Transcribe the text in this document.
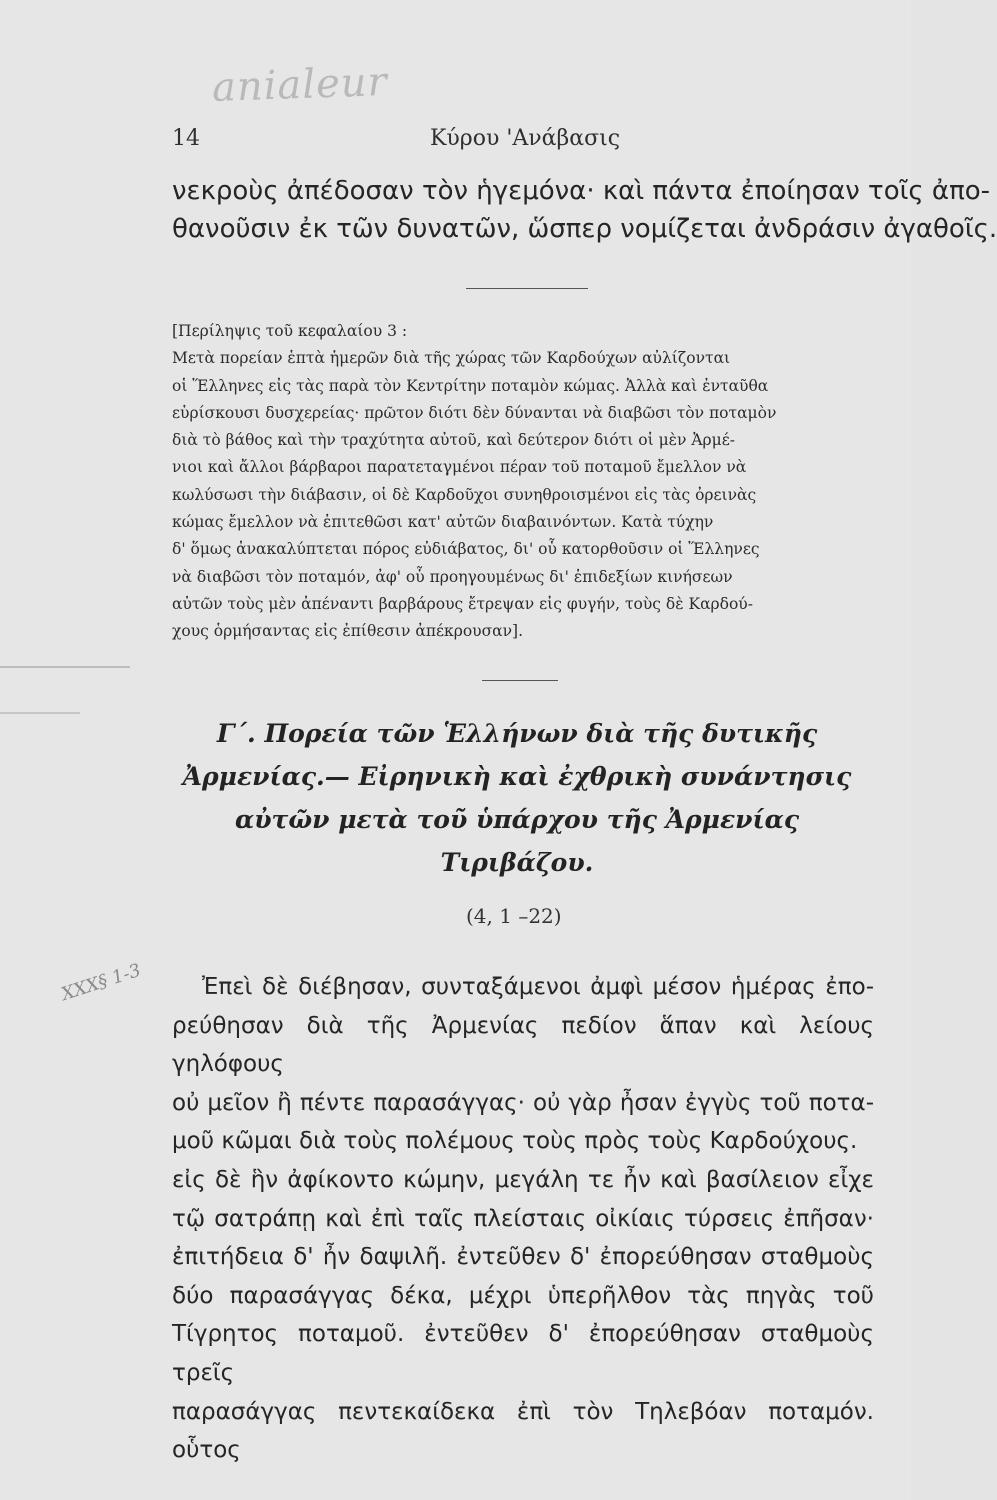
anialeur
14	Κύρου 'Ανάβασις
νεκροὺς ἀπέδοσαν τὸν ἡγεμόνα· καὶ πάντα ἐποίησαν τοῖς ἀπο-
θανοῦσιν ἐκ τῶν δυνατῶν, ὥσπερ νομίζεται ἀνδράσιν ἀγαθοῖς.
[Περίληψις τοῦ κεφαλαίου 3 :
Μετὰ πορείαν ἑπτὰ ἡμερῶν διὰ τῆς χώρας τῶν Καρδούχων αὐλίζονται
οἱ Ἕλληνες εἰς τὰς παρὰ τὸν Κεντρίτην ποταμὸν κώμας. Ἀλλὰ καὶ ἐνταῦθα
εὑρίσκουσι δυσχερείας· πρῶτον διότι δὲν δύνανται νὰ διαβῶσι τὸν ποταμὸν
διὰ τὸ βάθος καὶ τὴν τραχύτητα αὐτοῦ, καὶ δεύτερον διότι οἱ μὲν Ἀρμέ-
νιοι καὶ ἄλλοι βάρβαροι παρατεταγμένοι πέραν τοῦ ποταμοῦ ἔμελλον νὰ
κωλύσωσι τὴν διάβασιν, οἱ δὲ Καρδοῦχοι συνηθροισμένοι εἰς τὰς ὀρεινὰς
κώμας ἔμελλον νὰ ἐπιτεθῶσι κατ' αὐτῶν διαβαινόντων. Κατὰ τύχην
δ' ὅμως ἀνακαλύπτεται πόρος εὐδιάβατος, δι' οὗ κατορθοῦσιν οἱ Ἕλληνες
νὰ διαβῶσι τὸν ποταμόν, ἀφ' οὗ προηγουμένως δι' ἐπιδεξίων κινήσεων
αὐτῶν τοὺς μὲν ἀπέναντι βαρβάρους ἔτρεψαν εἰς φυγήν, τοὺς δὲ Καρδού-
χους ὁρμήσαντας εἰς ἐπίθεσιν ἀπέκρουσαν].
Γ΄. Πορεία τῶν Ἑλλήνων διὰ τῆς δυτικῆς
Ἀρμενίας.— Εἰρηνικὴ καὶ ἐχθρικὴ συνάντησις
αὐτῶν μετὰ τοῦ ὑπάρχου τῆς Ἀρμενίας
Τιριβάζου.
(4, 1 –22)
ΧΧΧ§ 1-3	Ἐπεὶ δὲ διέβησαν, συνταξάμενοι ἀμφὶ μέσον ἡμέρας ἐπο-
ρεύθησαν διὰ τῆς Ἀρμενίας πεδίον ἅπαν καὶ λείους γηλόφους
οὐ μεῖον ἢ πέντε παρασάγγας· οὐ γὰρ ἦσαν ἐγγὺς τοῦ ποτα-
μοῦ κῶμαι διὰ τοὺς πολέμους τοὺς πρὸς τοὺς Καρδούχους.
εἰς δὲ ἣν ἀφίκοντο κώμην, μεγάλη τε ἦν καὶ βασίλειον εἶχε
τῷ σατράπῃ καὶ ἐπὶ ταῖς πλείσταις οἰκίαις τύρσεις ἐπῆσαν·
ἐπιτήδεια δ' ἦν δαψιλῆ. ἐντεῦθεν δ' ἐπορεύθησαν σταθμοὺς
δύο παρασάγγας δέκα, μέχρι ὑπερῆλθον τὰς πηγὰς τοῦ
Τίγρητος ποταμοῦ. ἐντεῦθεν δ' ἐπορεύθησαν σταθμοὺς τρεῖς
παρασάγγας πεντεκαίδεκα ἐπὶ τὸν Τηλεβόαν ποταμόν. οὗτος
